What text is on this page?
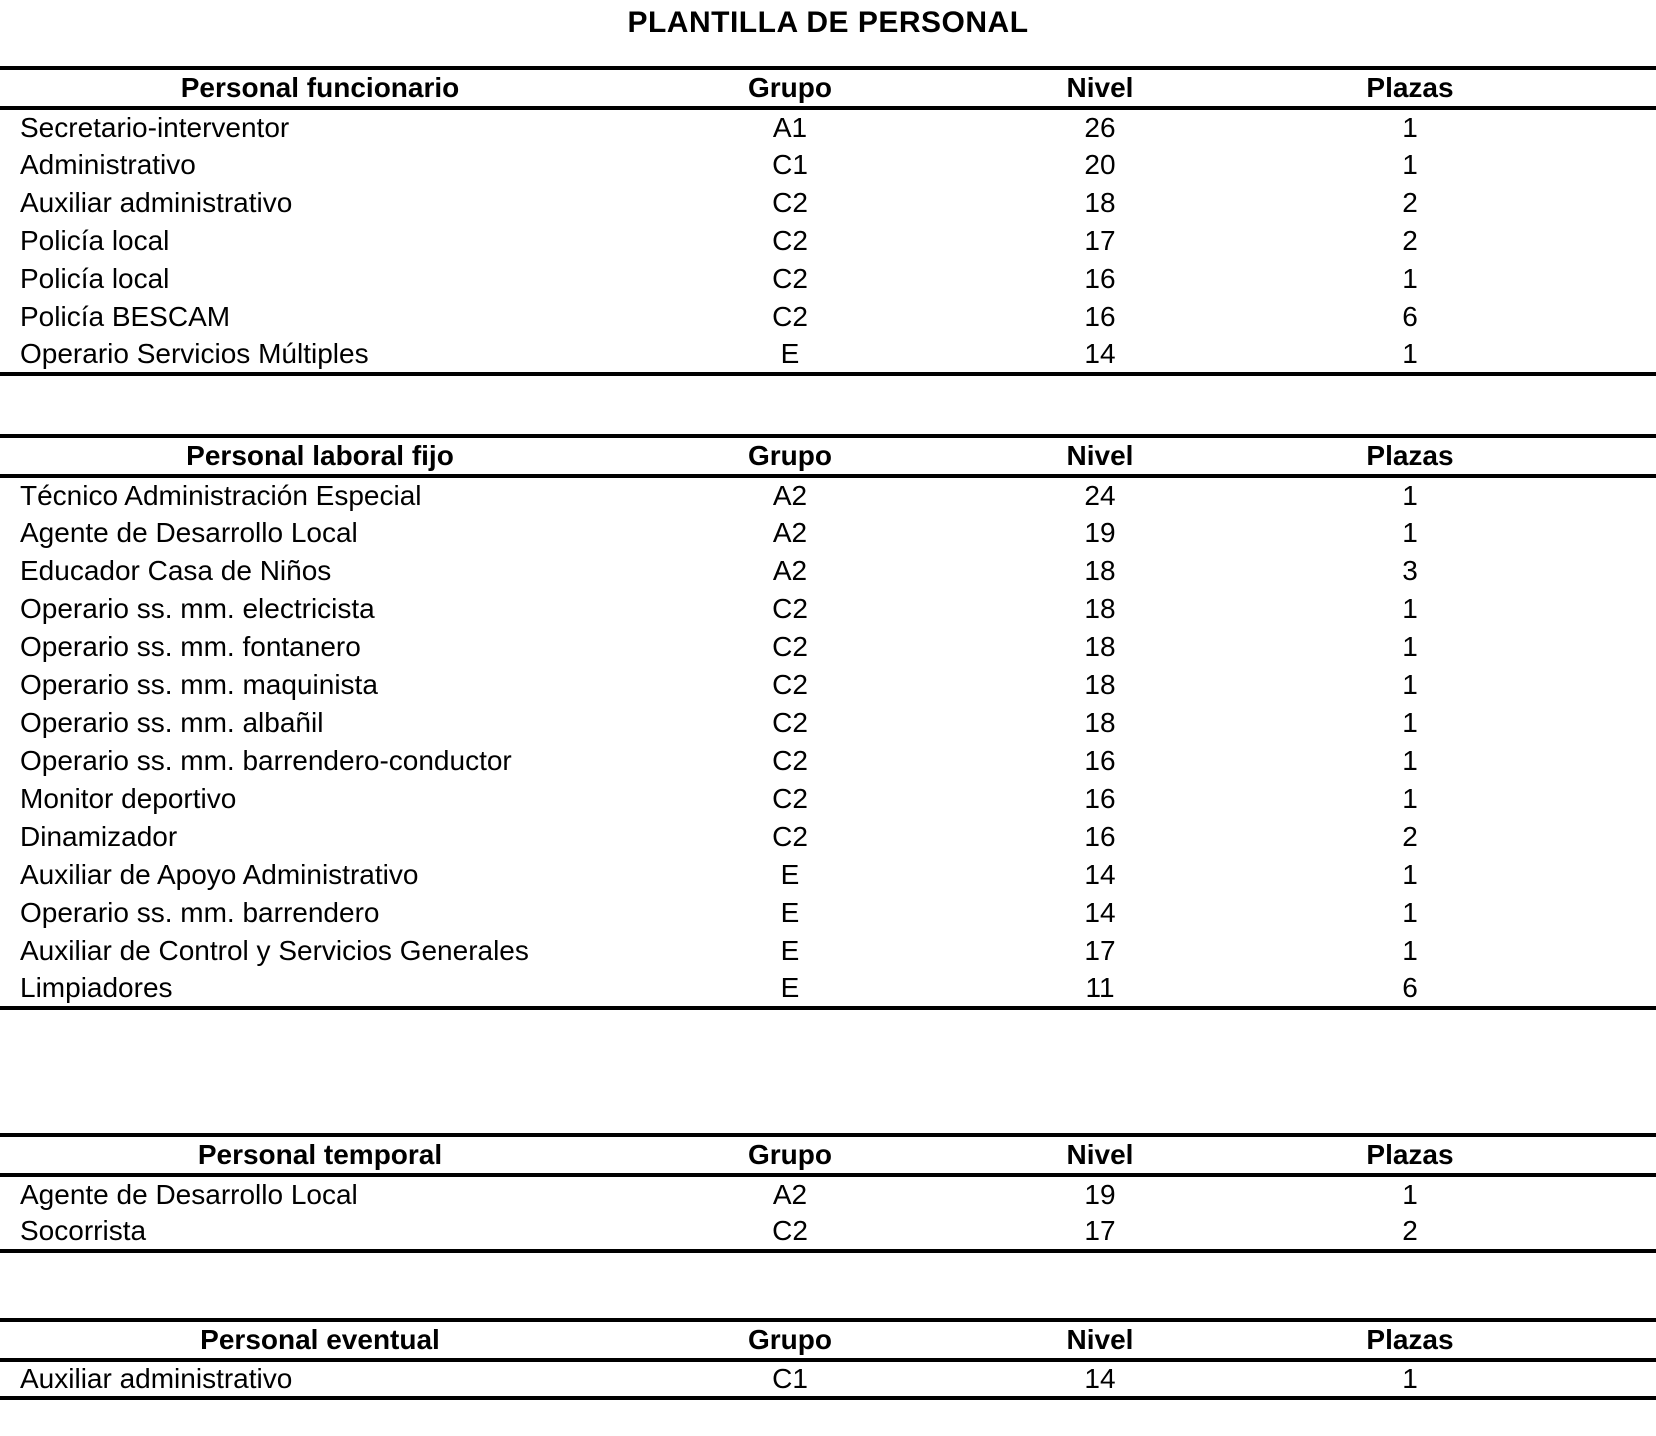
PLANTILLA DE PERSONAL
Personal funcionario	Grupo	Nivel	Plazas	
Secretario-interventor	A1	26	1	
Administrativo	C1	20	1	
Auxiliar administrativo	C2	18	2	
Policía local	C2	17	2	
Policía local	C2	16	1	
Policía BESCAM	C2	16	6	
Operario Servicios Múltiples	E	14	1	
Personal laboral fijo	Grupo	Nivel	Plazas	
Técnico Administración Especial	A2	24	1	
Agente de Desarrollo Local	A2	19	1	
Educador Casa de Niños	A2	18	3	
Operario ss. mm. electricista	C2	18	1	
Operario ss. mm. fontanero	C2	18	1	
Operario ss. mm. maquinista	C2	18	1	
Operario ss. mm. albañil	C2	18	1	
Operario ss. mm. barrendero-conductor	C2	16	1	
Monitor deportivo	C2	16	1	
Dinamizador	C2	16	2	
Auxiliar de Apoyo Administrativo	E	14	1	
Operario ss. mm. barrendero	E	14	1	
Auxiliar de Control y Servicios Generales	E	17	1	
Limpiadores	E	11	6	
Personal temporal	Grupo	Nivel	Plazas	
Agente de Desarrollo Local	A2	19	1	
Socorrista	C2	17	2	
Personal eventual	Grupo	Nivel	Plazas	
Auxiliar administrativo	C1	14	1	
